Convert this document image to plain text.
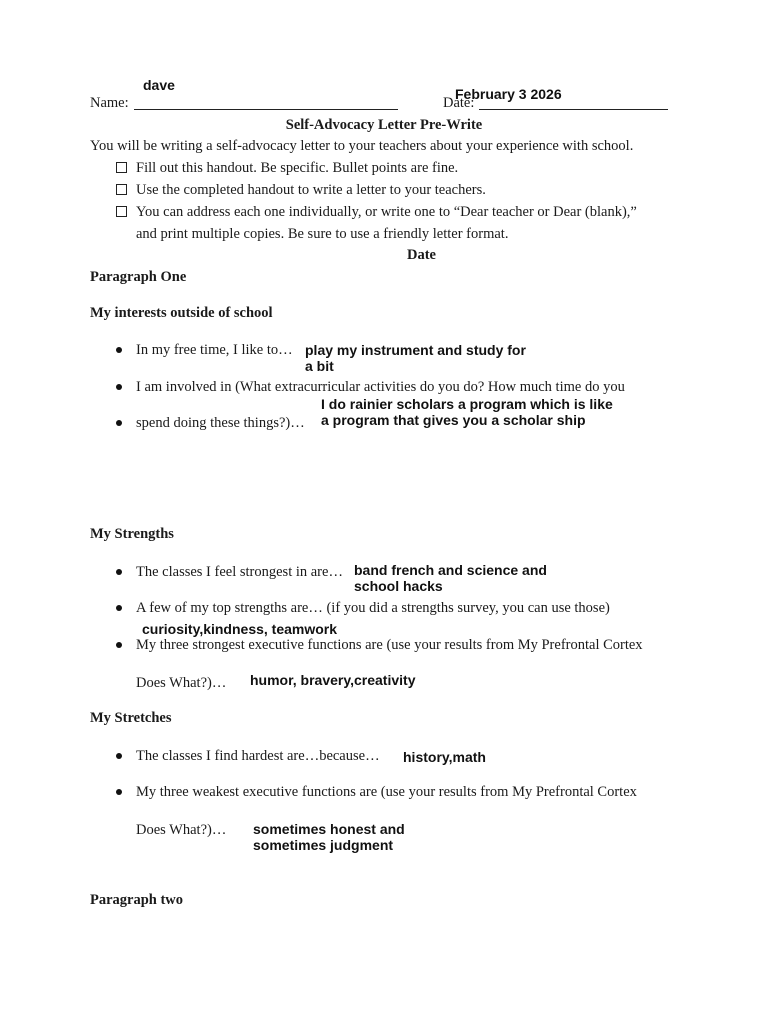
dave
Name:
February 3 2026
Date:
Self-Advocacy Letter Pre-Write
You will be writing a self-advocacy letter to your teachers about your experience with school.
Fill out this handout. Be specific. Bullet points are fine.
Use the completed handout to write a letter to your teachers.
You can address each one individually, or write one to “Dear teacher or Dear (blank),”
and print multiple copies. Be sure to use a friendly letter format.
Date
Paragraph One
My interests outside of school
In my free time, I like to… play my instrument and study for
a bit
I am involved in (What extracurricular activities do you do? How much time do you
spend doing these things?)…
I do rainier scholars a program which is like
a program that gives you a scholar ship
My Strengths
The classes I feel strongest in are… band french and science and
school hacks
A few of my top strengths are… (if you did a strengths survey, you can use those)
curiosity,kindness, teamwork
My three strongest executive functions are (use your results from My Prefrontal Cortex
Does What?)… humor, bravery,creativity
My Stretches
The classes I find hardest are…because… history,math
My three weakest executive functions are (use your results from My Prefrontal Cortex
Does What?)… sometimes honest and
sometimes judgment
Paragraph two
